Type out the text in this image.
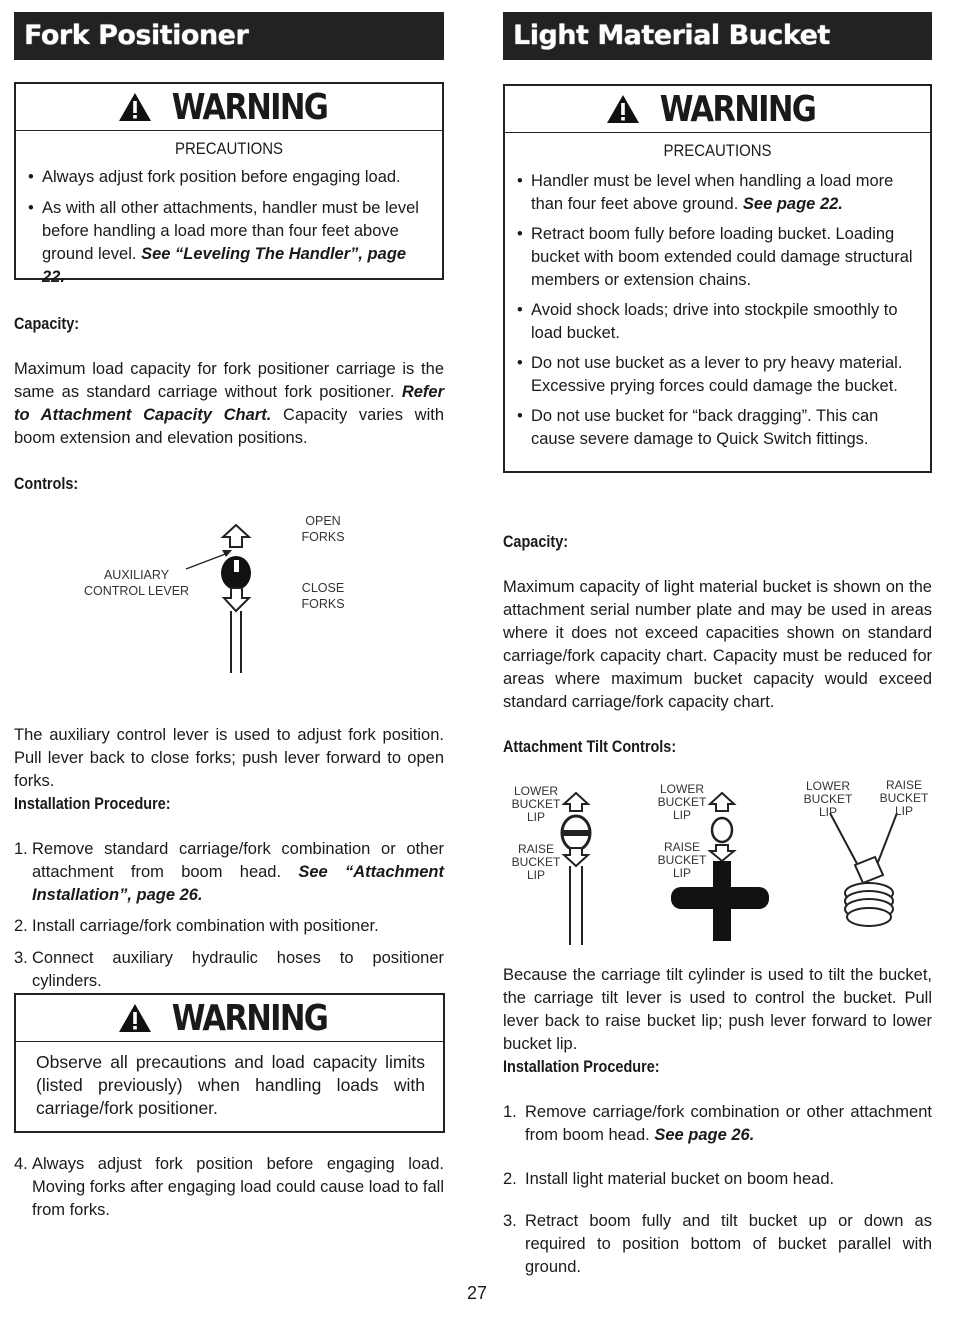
Fork Positioner
WARNING
PRECAUTIONS
• Always adjust fork position before engaging load.
• As with all other attachments, handler must be level before handling a load more than four feet above ground level. See “Leveling The Handler”, page 22.
Capacity:
Maximum load capacity for fork positioner carriage is the same as standard carriage without fork positioner. Refer to Attachment Capacity Chart. Capacity varies with boom extension and elevation positions.
Controls:
OPEN FORKS
CLOSE FORKS
AUXILIARY CONTROL LEVER
The auxiliary control lever is used to adjust fork position. Pull lever back to close forks; push lever forward to open forks.
Installation Procedure:
1. Remove standard carriage/fork combination or other attachment from boom head. See “Attachment Installation”, page 26.
2. Install carriage/fork combination with positioner.
3. Connect auxiliary hydraulic hoses to positioner cylinders.
WARNING
Observe all precautions and load capacity limits (listed previously) when handling loads with carriage/fork positioner.
4. Always adjust fork position before engaging load. Moving forks after engaging load could cause load to fall from forks.
Light Material Bucket
WARNING
PRECAUTIONS
• Handler must be level when handling a load more than four feet above ground. See page 22.
• Retract boom fully before loading bucket. Loading bucket with boom extended could damage structural members or extension chains.
• Avoid shock loads; drive into stockpile smoothly to load bucket.
• Do not use bucket as a lever to pry heavy material. Excessive prying forces could damage the bucket.
• Do not use bucket for “back dragging”. This can cause severe damage to Quick Switch fittings.
Capacity:
Maximum capacity of light material bucket is shown on the attachment serial number plate and may be used in areas where it does not exceed capacities shown on standard carriage/fork capacity chart. Capacity must be reduced for areas where maximum bucket capacity would exceed standard carriage/fork capacity chart.
Attachment Tilt Controls:
LOWER BUCKET LIP
RAISE BUCKET LIP
LOWER BUCKET LIP
RAISE BUCKET LIP
LOWER BUCKET LIP
RAISE BUCKET LIP
Because the carriage tilt cylinder is used to tilt the bucket, the carriage tilt lever is used to control the bucket. Pull lever back to raise bucket lip; push lever forward to lower bucket lip.
Installation Procedure:
1. Remove carriage/fork combination or other attachment from boom head. See page 26.
2. Install light material bucket on boom head.
3. Retract boom fully and tilt bucket up or down as required to position bottom of bucket parallel with ground.
27
